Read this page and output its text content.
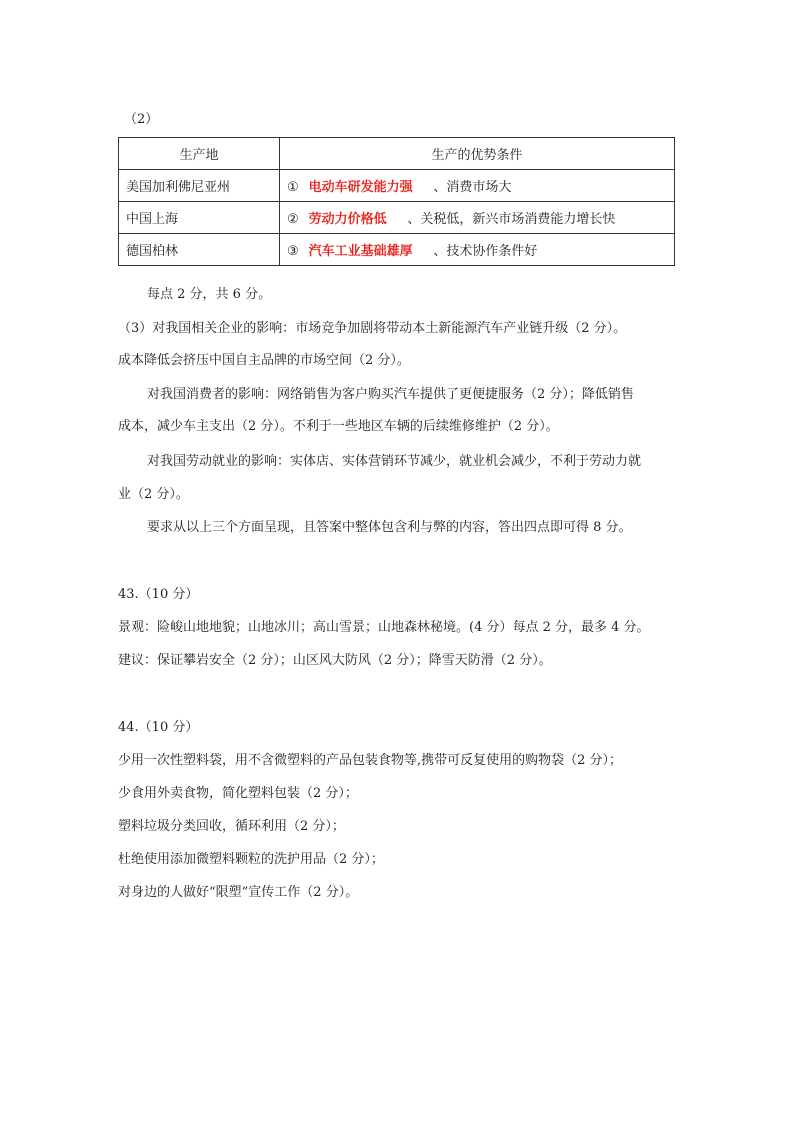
（2）
生产地	生产的优势条件
美国加利佛尼亚州	① 电动车研发能力强 、消费市场大
中国上海	② 劳动力价格低 、关税低，新兴市场消费能力增长快
德国柏林	③ 汽车工业基础雄厚 、技术协作条件好
每点 2 分，共 6 分。
（3）对我国相关企业的影响：市场竞争加剧将带动本土新能源汽车产业链升级（2 分）。
成本降低会挤压中国自主品牌的市场空间（2 分）。
对我国消费者的影响：网络销售为客户购买汽车提供了更便捷服务（2 分）；降低销售
成本，减少车主支出（2 分）。不利于一些地区车辆的后续维修维护（2 分）。
对我国劳动就业的影响：实体店、实体营销环节减少，就业机会减少，不利于劳动力就
业（2 分）。
要求从以上三个方面呈现，且答案中整体包含利与弊的内容，答出四点即可得 8 分。
43.（10 分）
景观：险峻山地地貌；山地冰川；高山雪景；山地森林秘境。(4 分）每点 2 分，最多 4 分。
建议：保证攀岩安全（2 分）；山区风大防风（2 分）；降雪天防滑（2 分）。
44.（10 分）
少用一次性塑料袋，用不含微塑料的产品包装食物等,携带可反复使用的购物袋（2 分）；
少食用外卖食物，简化塑料包装（2 分）；
塑料垃圾分类回收，循环利用（2 分）；
杜绝使用添加微塑料颗粒的洗护用品（2 分）；
对身边的人做好“限塑”宣传工作（2 分）。
